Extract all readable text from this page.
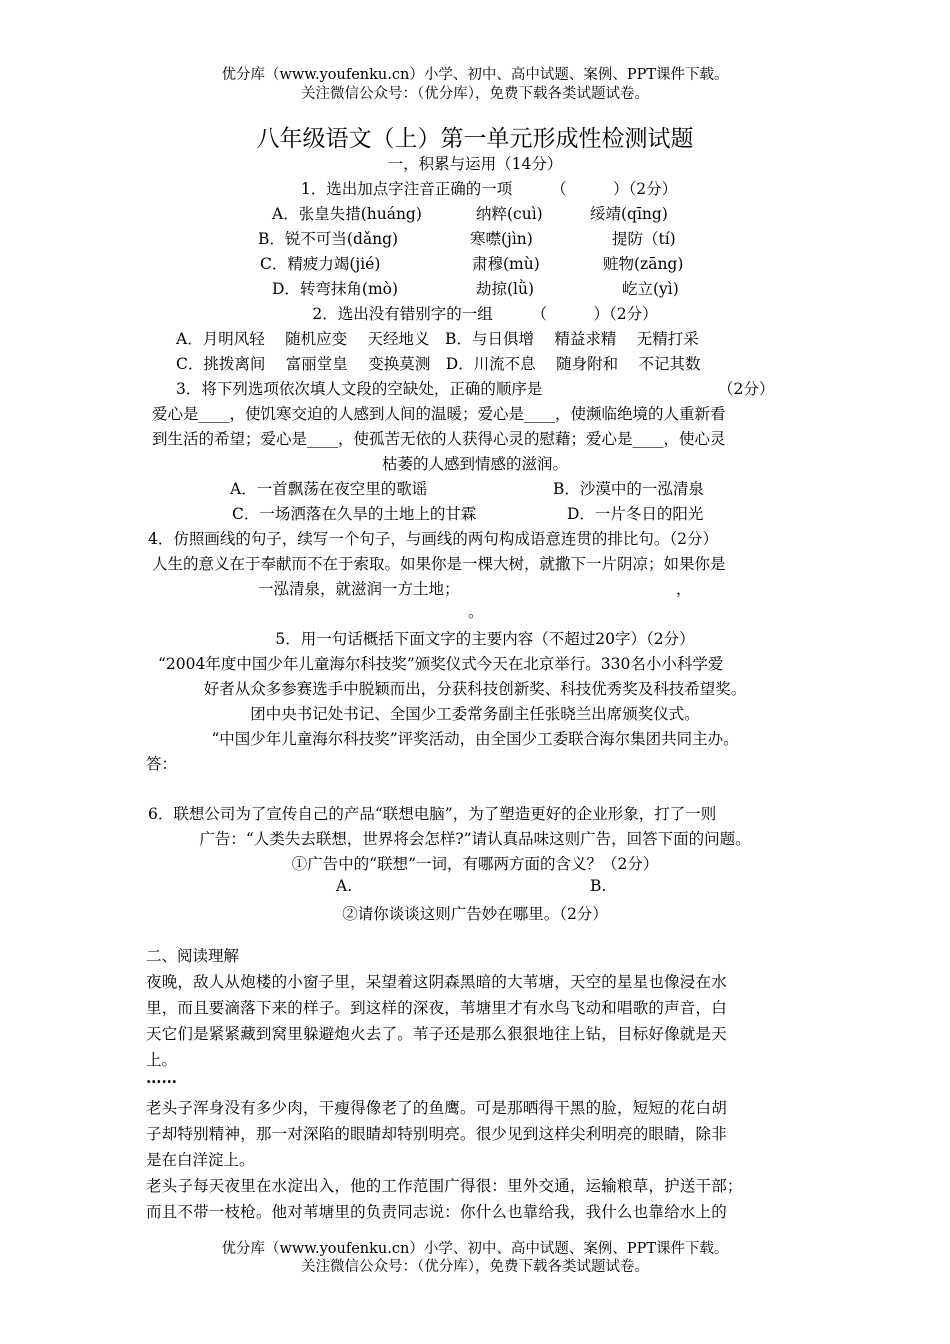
优分库（www.youfenku.cn）小学、初中、高中试题、案例、PPT课件下载。
关注微信公众号：（优分库），免费下载各类试题试卷。
八年级语文（上）第一单元形成性检测试题
一，积累与运用（14分）
1．选出加点字注音正确的一项　　　（　　　）（2分）
A．张皇失措(huáng)	纳粹(cuì)	绥靖(qīng)
B．锐不可当(dǎng)	寒噤(jìn)	提防（tí)
C．精疲力竭(jié)	肃穆(mù)	赃物(zāng)
D．转弯抹角(mò)	劫掠(lǜ)	屹立(yì)
2．选出没有错别字的一组　　　（　　　）（2分）
A．月明风轻　 随机应变　 天经地义　B．与日俱增　 精益求精　 无精打采
C．挑拨离间　 富丽堂皇　 变换莫测　D．川流不息　 随身附和　 不记其数
3．将下列选项依次填人文段的空缺处，正确的顺序是	（2分）
爱心是____，使饥寒交迫的人感到人间的温暖；爱心是____，使濒临绝境的人重新看
到生活的希望；爱心是____，使孤苦无依的人获得心灵的慰藉；爱心是____，使心灵
枯萎的人感到情感的滋润。
A．一首飘荡在夜空里的歌谣	B．沙漠中的一泓清泉
C．一场洒落在久旱的土地上的甘霖	D．一片冬日的阳光
4．仿照画线的句子，续写一个句子，与画线的两句构成语意连贯的排比句。（2分）
人生的意义在于奉献而不在于索取。如果你是一棵大树，就撒下一片阴凉；如果你是
一泓清泉，就滋润一方土地；	，
。
5．用一句话概括下面文字的主要内容（不超过20字）（2分）
“2004年度中国少年儿童海尔科技奖”颁奖仪式今天在北京举行。330名小小科学爱
好者从众多参赛选手中脱颖而出，分获科技创新奖、科技优秀奖及科技希望奖。
团中央书记处书记、全国少工委常务副主任张晓兰出席颁奖仪式。
“中国少年儿童海尔科技奖”评奖活动，由全国少工委联合海尔集团共同主办。
答：
6．联想公司为了宣传自己的产品“联想电脑”，为了塑造更好的企业形象，打了一则
广告：“人类失去联想，世界将会怎样?”请认真品味这则广告，回答下面的问题。
①广告中的“联想”一词，有哪两方面的含义？（2分）
A.	B.
②请你谈谈这则广告妙在哪里。（2分）
二、阅读理解
夜晚，敌人从炮楼的小窗子里，呆望着这阴森黑暗的大苇塘，天空的星星也像浸在水
里，而且要滴落下来的样子。到这样的深夜，苇塘里才有水鸟飞动和唱歌的声音，白
天它们是紧紧藏到窝里躲避炮火去了。苇子还是那么狠狠地往上钻，目标好像就是天
上。
……
老头子浑身没有多少肉，干瘦得像老了的鱼鹰。可是那晒得干黑的脸，短短的花白胡
子却特别精神，那一对深陷的眼睛却特别明亮。很少见到这样尖利明亮的眼睛，除非
是在白洋淀上。
老头子每天夜里在水淀出入，他的工作范围广得很：里外交通，运输粮草，护送干部；
而且不带一枝枪。他对苇塘里的负责同志说：你什么也靠给我，我什么也靠给水上的
优分库（www.youfenku.cn）小学、初中、高中试题、案例、PPT课件下载。
关注微信公众号：（优分库），免费下载各类试题试卷。
